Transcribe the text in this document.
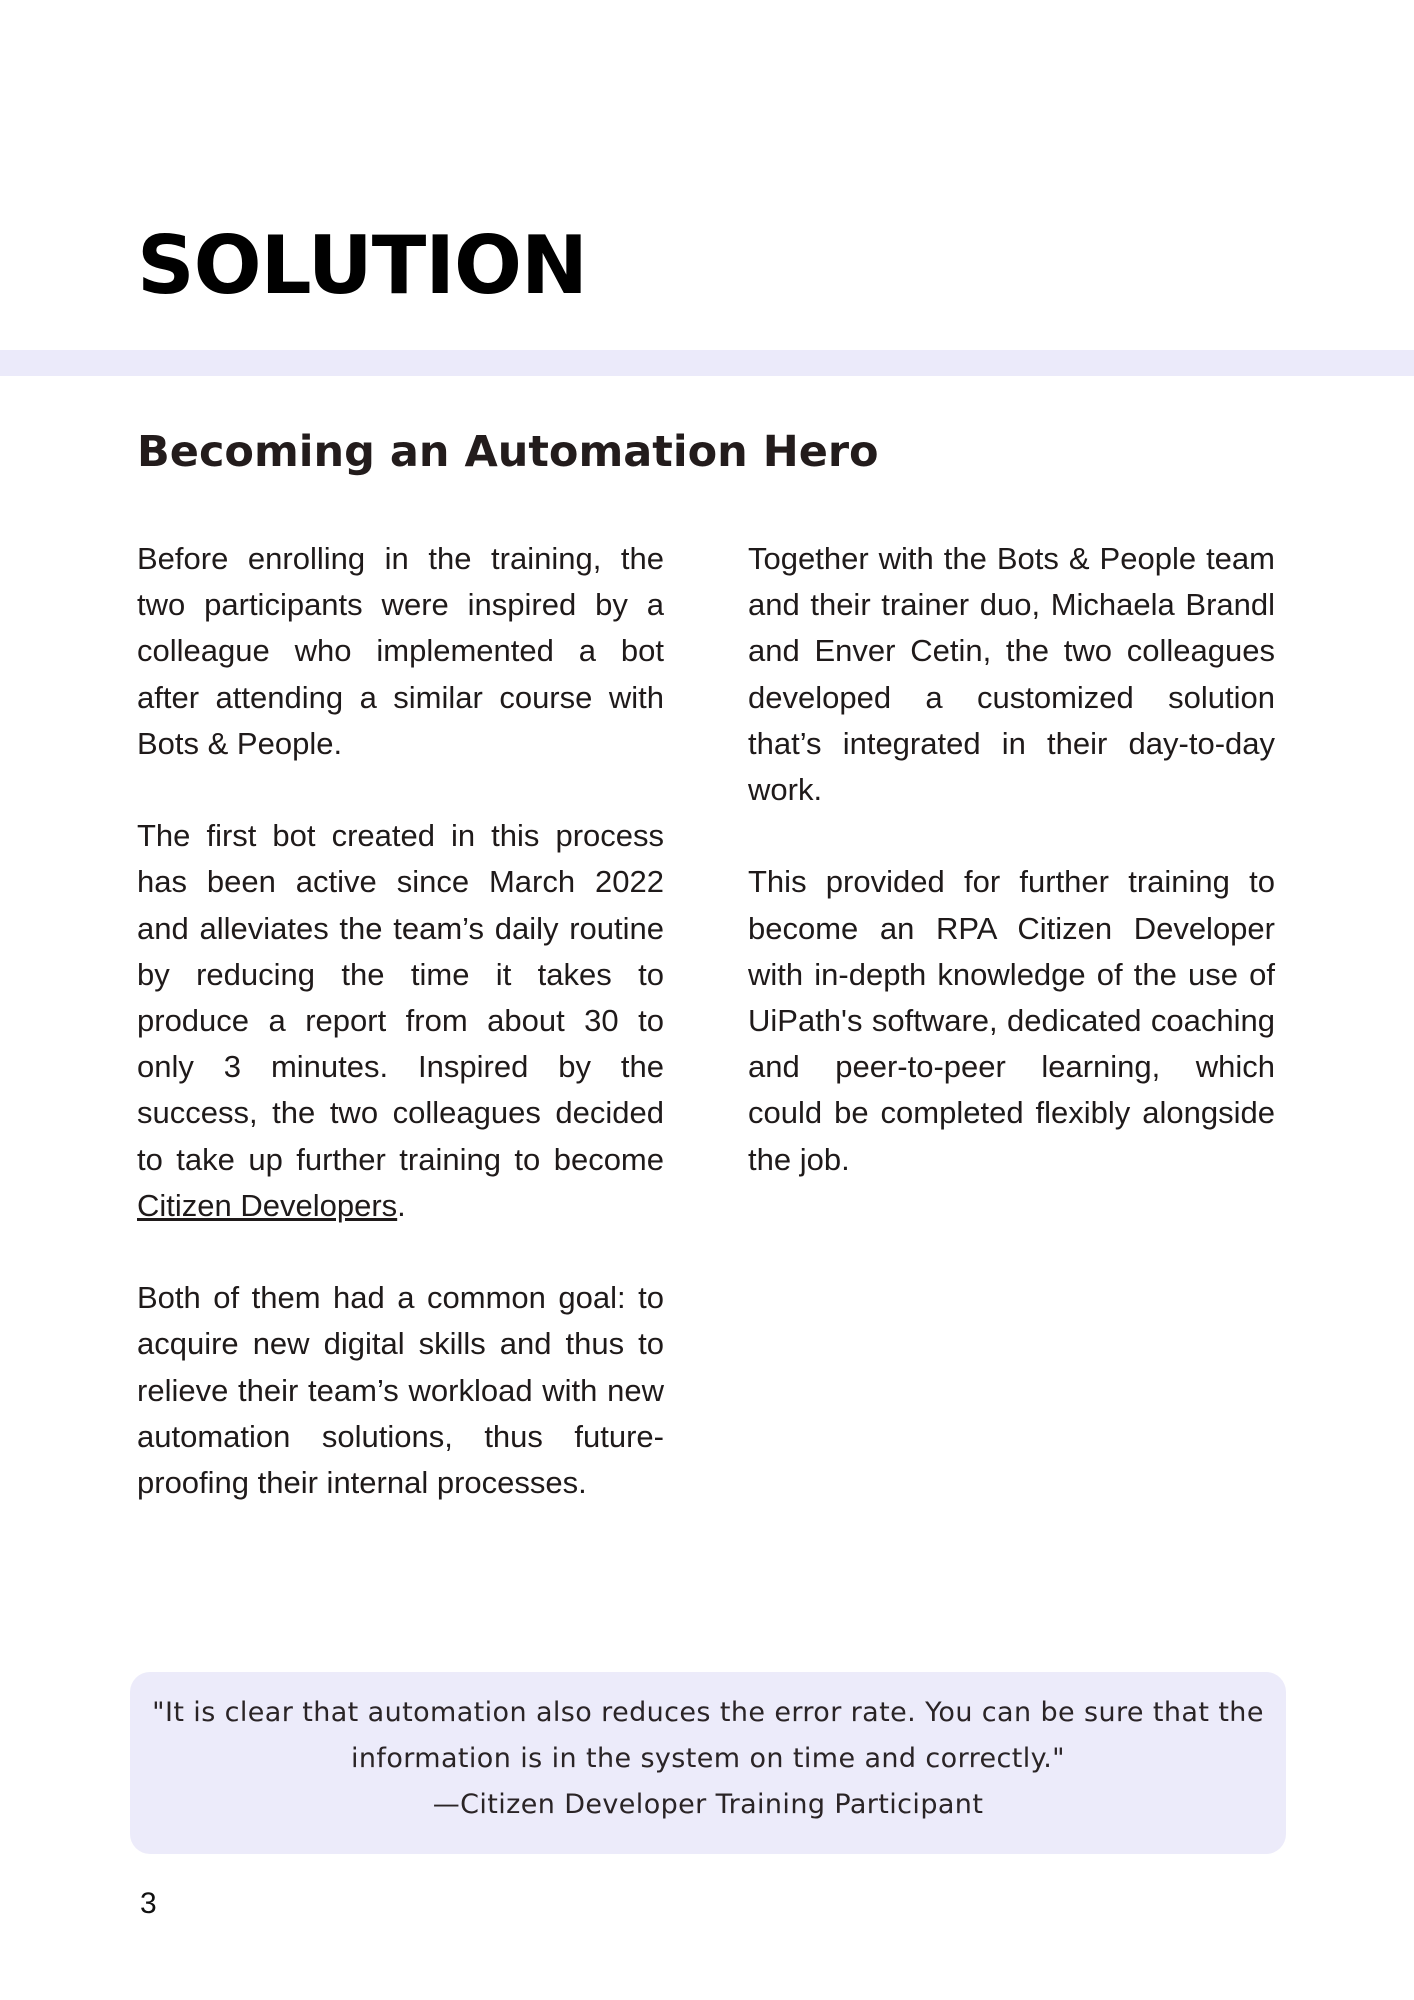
SOLUTION
Becoming an Automation Hero

Before enrolling in the training, the two participants were inspired by a colleague who implemented a bot after attending a similar course with Bots & People.

The first bot created in this process has been active since March 2022 and alleviates the team’s daily routine by reducing the time it takes to produce a report from about 30 to only 3 minutes. Inspired by the success, the two colleagues decided to take up further training to become Citizen Developers.

Both of them had a common goal: to acquire new digital skills and thus to relieve their team’s workload with new automation solutions, thus future-proofing their internal processes.

Together with the Bots & People team and their trainer duo, Michaela Brandl and Enver Cetin, the two colleagues developed a customized solution that’s integrated in their day-to-day work.

This provided for further training to become an RPA Citizen Developer with in-depth knowledge of the use of UiPath's software, dedicated coaching and peer-to-peer learning, which could be completed flexibly alongside the job.

"It is clear that automation also reduces the error rate. You can be sure that the
information is in the system on time and correctly."
—Citizen Developer Training Participant
3
